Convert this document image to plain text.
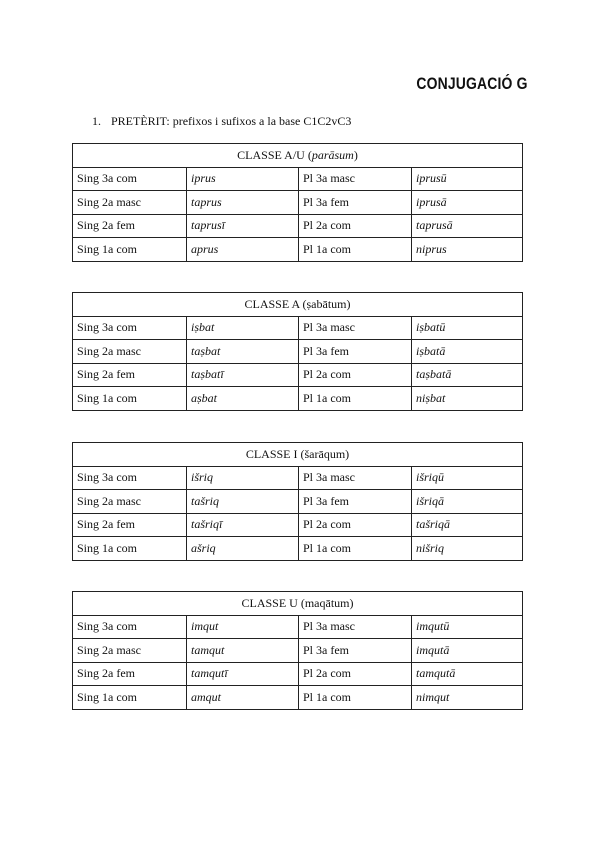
CONJUGACIÓ G
1. PRETÈRIT: prefixos i sufixos a la base C1C2vC3
CLASSE A/U (parāsum)			
Sing 3a com	iprus	Pl 3a masc	iprusū
Sing 2a masc	taprus	Pl 3a fem	iprusā
Sing 2a fem	taprusī	Pl 2a com	taprusā
Sing 1a com	aprus	Pl 1a com	niprus
CLASSE A (ṣabātum)			
Sing 3a com	iṣbat	Pl 3a masc	iṣbatū
Sing 2a masc	taṣbat	Pl 3a fem	iṣbatā
Sing 2a fem	taṣbatī	Pl 2a com	taṣbatā
Sing 1a com	aṣbat	Pl 1a com	niṣbat
CLASSE I (šarāqum)			
Sing 3a com	išriq	Pl 3a masc	išriqū
Sing 2a masc	tašriq	Pl 3a fem	išriqā
Sing 2a fem	tašriqī	Pl 2a com	tašriqā
Sing 1a com	ašriq	Pl 1a com	nišriq
CLASSE U (maqātum)			
Sing 3a com	imqut	Pl 3a masc	imqutū
Sing 2a masc	tamqut	Pl 3a fem	imqutā
Sing 2a fem	tamqutī	Pl 2a com	tamqutā
Sing 1a com	amqut	Pl 1a com	nimqut
